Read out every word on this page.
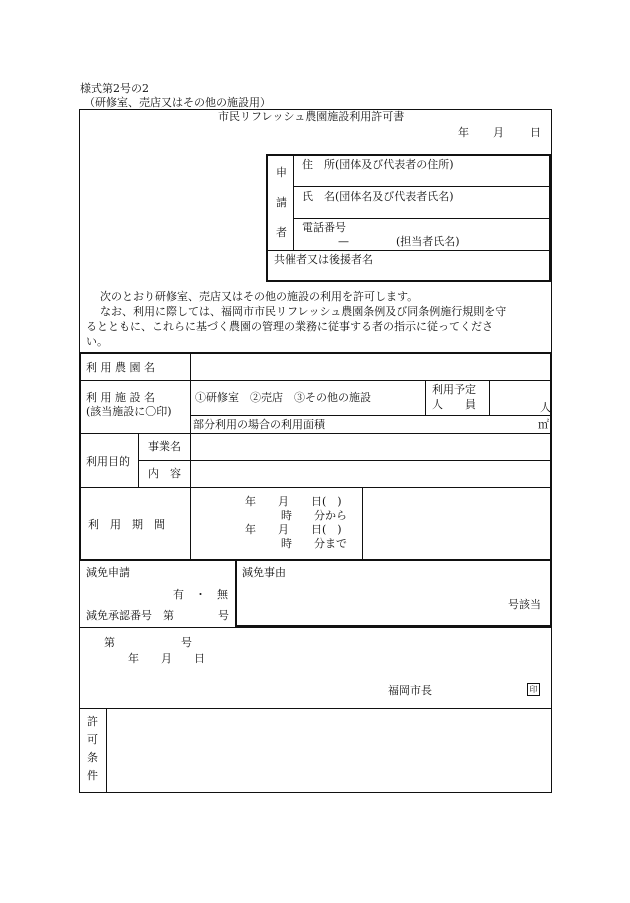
様式第2号の2
（研修室、売店又はその他の施設用）
市民リフレッシュ農園施設利用許可書
年 月 日
申
請
者
住　所(団体及び代表者の住所)
氏　名(団体名及び代表者氏名)
電話番号
—	(担当者氏名)
共催者又は後援者名
次のとおり研修室、売店又はその他の施設の利用を許可します。
なお、利用に際しては、福岡市市民リフレッシュ農園条例及び同条例施行規則を守
るとともに、これらに基づく農園の管理の業務に従事する者の指示に従ってくださ
い。
利 用 農 園 名
利 用 施 設 名
(該当施設に〇印)
①研修室　②売店　③その他の施設
利用予定
人　　員	人
部分利用の場合の利用面積	㎡
利用目的
事業名
内　容
利　用　期　間
年　　月　　日(　)
時　　分から
年　　月　　日(　)
時　　分まで
減免申請
有　・　無
減免承認番号　第　　　　号
減免事由
号該当
第　　　　　　号
年　　月　　日
福岡市長	印
許
可
条
件
